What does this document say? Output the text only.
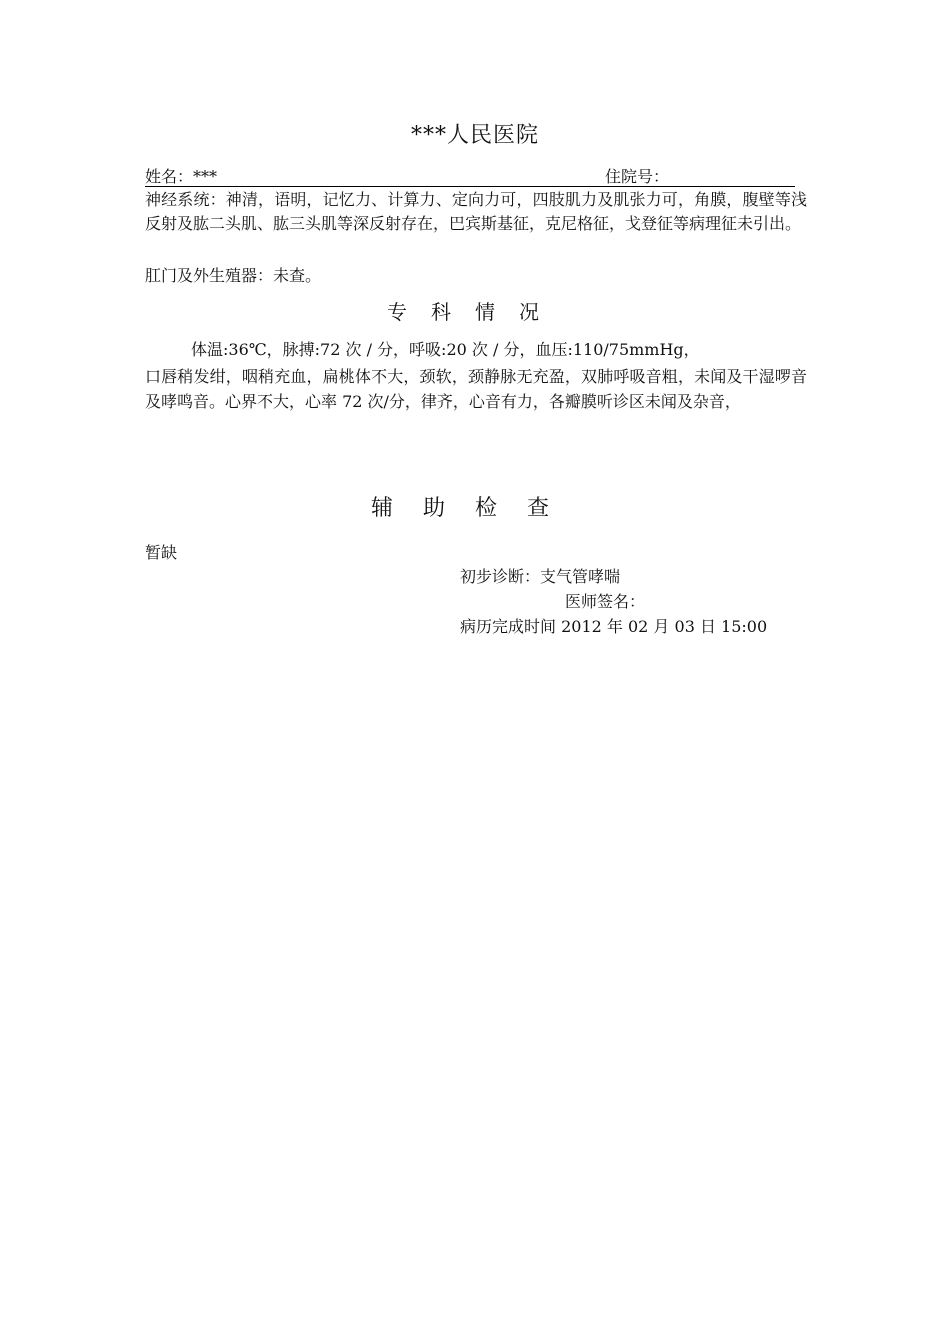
***人民医院
姓名：***	住院号：

神经系统：神清，语明，记忆力、计算力、定向力可，四肢肌力及肌张力可，角膜，腹壁等浅反射及肱二头肌、肱三头肌等深反射存在，巴宾斯基征，克尼格征，戈登征等病理征未引出。

肛门及外生殖器：未查。

专科情况

体温:36℃，脉搏:72 次 / 分，呼吸:20 次 / 分，血压:110/75mmHg，

口唇稍发绀，咽稍充血，扁桃体不大，颈软，颈静脉无充盈，双肺呼吸音粗，未闻及干湿啰音及哮鸣音。心界不大，心率 72 次/分，律齐，心音有力，各瓣膜听诊区未闻及杂音，

辅助检查
暂缺
初步诊断：支气管哮喘
医师签名：
病历完成时间 2012 年 02 月 03 日 15:00
